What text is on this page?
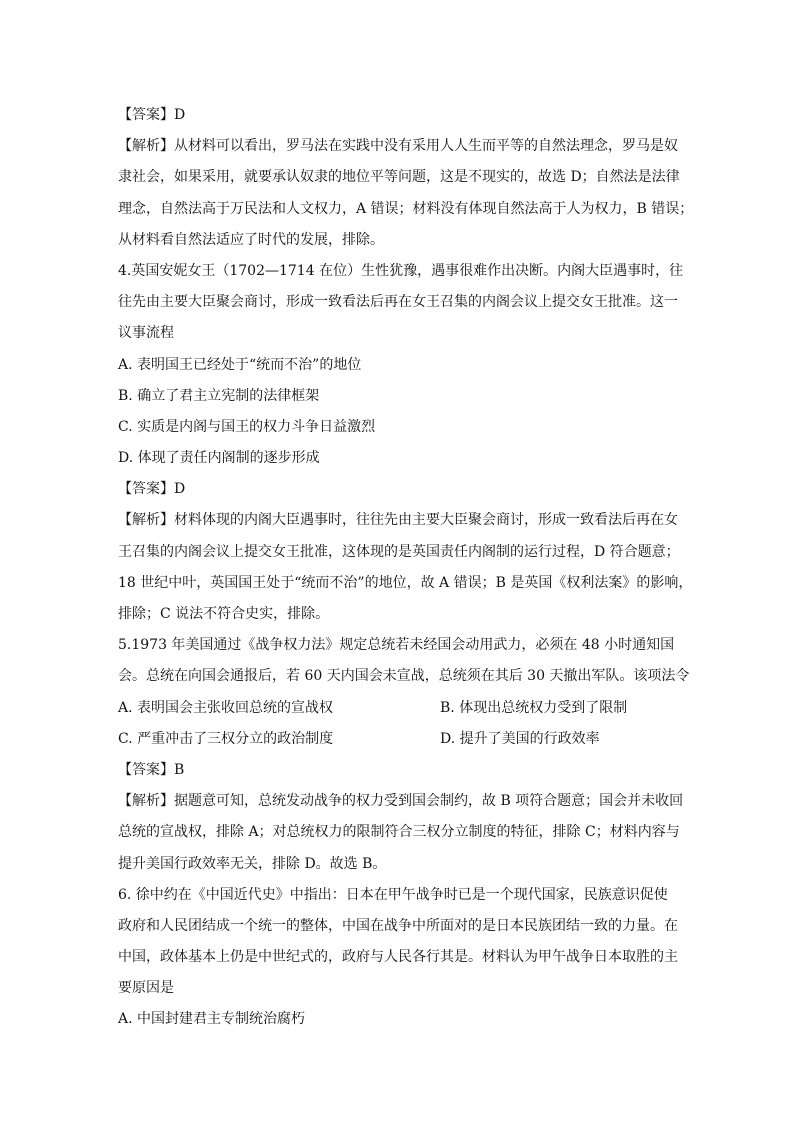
【答案】D
【解析】从材料可以看出，罗马法在实践中没有采用人人生而平等的自然法理念，罗马是奴
隶社会，如果采用，就要承认奴隶的地位平等问题，这是不现实的，故选 D；自然法是法律
理念，自然法高于万民法和人文权力，A 错误；材料没有体现自然法高于人为权力，B 错误；
从材料看自然法适应了时代的发展，排除。
4.英国安妮女王（1702—1714 在位）生性犹豫，遇事很难作出决断。内阁大臣遇事时，往
往先由主要大臣聚会商讨，形成一致看法后再在女王召集的内阁会议上提交女王批准。这一
议事流程
A. 表明国王已经处于“统而不治”的地位
B. 确立了君主立宪制的法律框架
C. 实质是内阁与国王的权力斗争日益激烈
D. 体现了责任内阁制的逐步形成
【答案】D
【解析】材料体现的内阁大臣遇事时，往往先由主要大臣聚会商讨，形成一致看法后再在女
王召集的内阁会议上提交女王批准，这体现的是英国责任内阁制的运行过程，D 符合题意；
18 世纪中叶，英国国王处于“统而不治”的地位，故 A 错误；B 是英国《权利法案》的影响，
排除；C 说法不符合史实，排除。
5.1973 年美国通过《战争权力法》规定总统若未经国会动用武力，必须在 48 小时通知国
会。总统在向国会通报后，若 60 天内国会未宣战，总统须在其后 30 天撤出军队。该项法令
A. 表明国会主张收回总统的宣战权	B. 体现出总统权力受到了限制
C. 严重冲击了三权分立的政治制度	D. 提升了美国的行政效率
【答案】B
【解析】据题意可知，总统发动战争的权力受到国会制约，故 B 项符合题意；国会并未收回
总统的宣战权，排除 A；对总统权力的限制符合三权分立制度的特征，排除 C；材料内容与
提升美国行政效率无关，排除 D。故选 B。
6. 徐中约在《中国近代史》中指出：日本在甲午战争时已是一个现代国家，民族意识促使
政府和人民团结成一个统一的整体，中国在战争中所面对的是日本民族团结一致的力量。在
中国，政体基本上仍是中世纪式的，政府与人民各行其是。材料认为甲午战争日本取胜的主
要原因是
A. 中国封建君主专制统治腐朽
